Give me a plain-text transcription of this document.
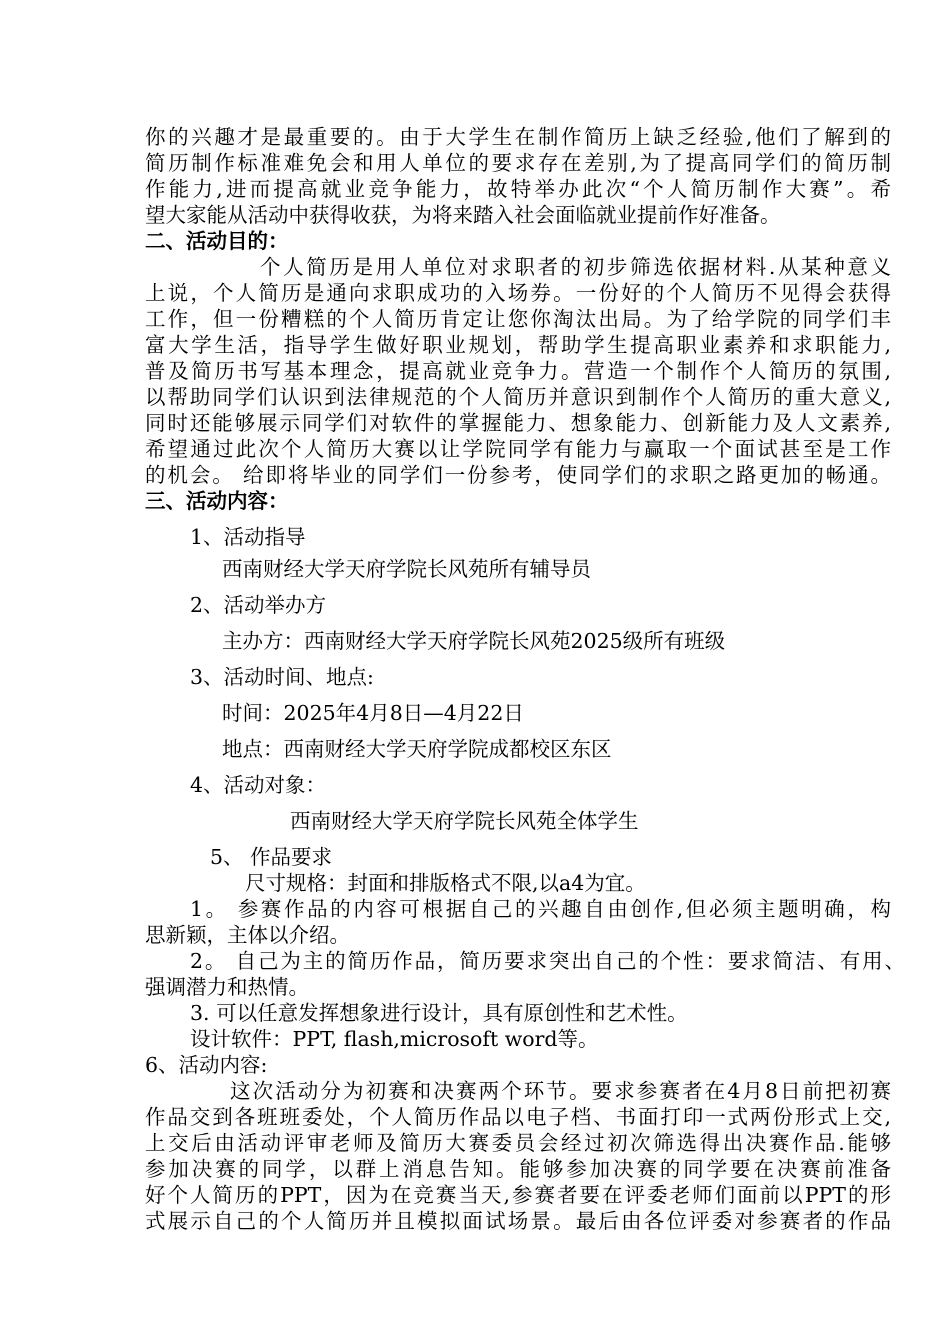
你的兴趣才是最重要的。由于大学生在制作简历上缺乏经验,他们了解到的
简历制作标准难免会和用人单位的要求存在差别,为了提高同学们的简历制
作能力,进而提高就业竞争能力，故特举办此次“个人简历制作大赛”。希
望大家能从活动中获得收获，为将来踏入社会面临就业提前作好准备。
二、活动目的：
个人简历是用人单位对求职者的初步筛选依据材料.从某种意义
上说，个人简历是通向求职成功的入场券。一份好的个人简历不见得会获得
工作，但一份糟糕的个人简历肯定让您你淘汰出局。为了给学院的同学们丰
富大学生活，指导学生做好职业规划，帮助学生提高职业素养和求职能力,
普及简历书写基本理念，提高就业竞争力。营造一个制作个人简历的氛围,
以帮助同学们认识到法律规范的个人简历并意识到制作个人简历的重大意义,
同时还能够展示同学们对软件的掌握能力、想象能力、创新能力及人文素养,
希望通过此次个人简历大赛以让学院同学有能力与赢取一个面试甚至是工作
的机会。 给即将毕业的同学们一份参考，使同学们的求职之路更加的畅通。
三、活动内容：
1、活动指导
西南财经大学天府学院长风苑所有辅导员
2、活动举办方
主办方：西南财经大学天府学院长风苑2025级所有班级
3、活动时间、地点:
时间：2025年4月8日—4月22日
地点：西南财经大学天府学院成都校区东区
4、活动对象：
西南财经大学天府学院长风苑全体学生
5、 作品要求
尺寸规格：封面和排版格式不限,以a4为宜。
1。 参赛作品的内容可根据自己的兴趣自由创作,但必须主题明确，构
思新颖，主体以介绍。
2。 自己为主的简历作品，简历要求突出自己的个性：要求简洁、有用、
强调潜力和热情。
3. 可以任意发挥想象进行设计，具有原创性和艺术性。
设计软件：PPT, flash,microsoft word等。
6、活动内容:
这次活动分为初赛和决赛两个环节。要求参赛者在4月8日前把初赛
作品交到各班班委处，个人简历作品以电子档、书面打印一式两份形式上交,
上交后由活动评审老师及简历大赛委员会经过初次筛选得出决赛作品.能够
参加决赛的同学，以群上消息告知。能够参加决赛的同学要在决赛前准备
好个人简历的PPT，因为在竞赛当天,参赛者要在评委老师们面前以PPT的形
式展示自己的个人简历并且模拟面试场景。最后由各位评委对参赛者的作品
